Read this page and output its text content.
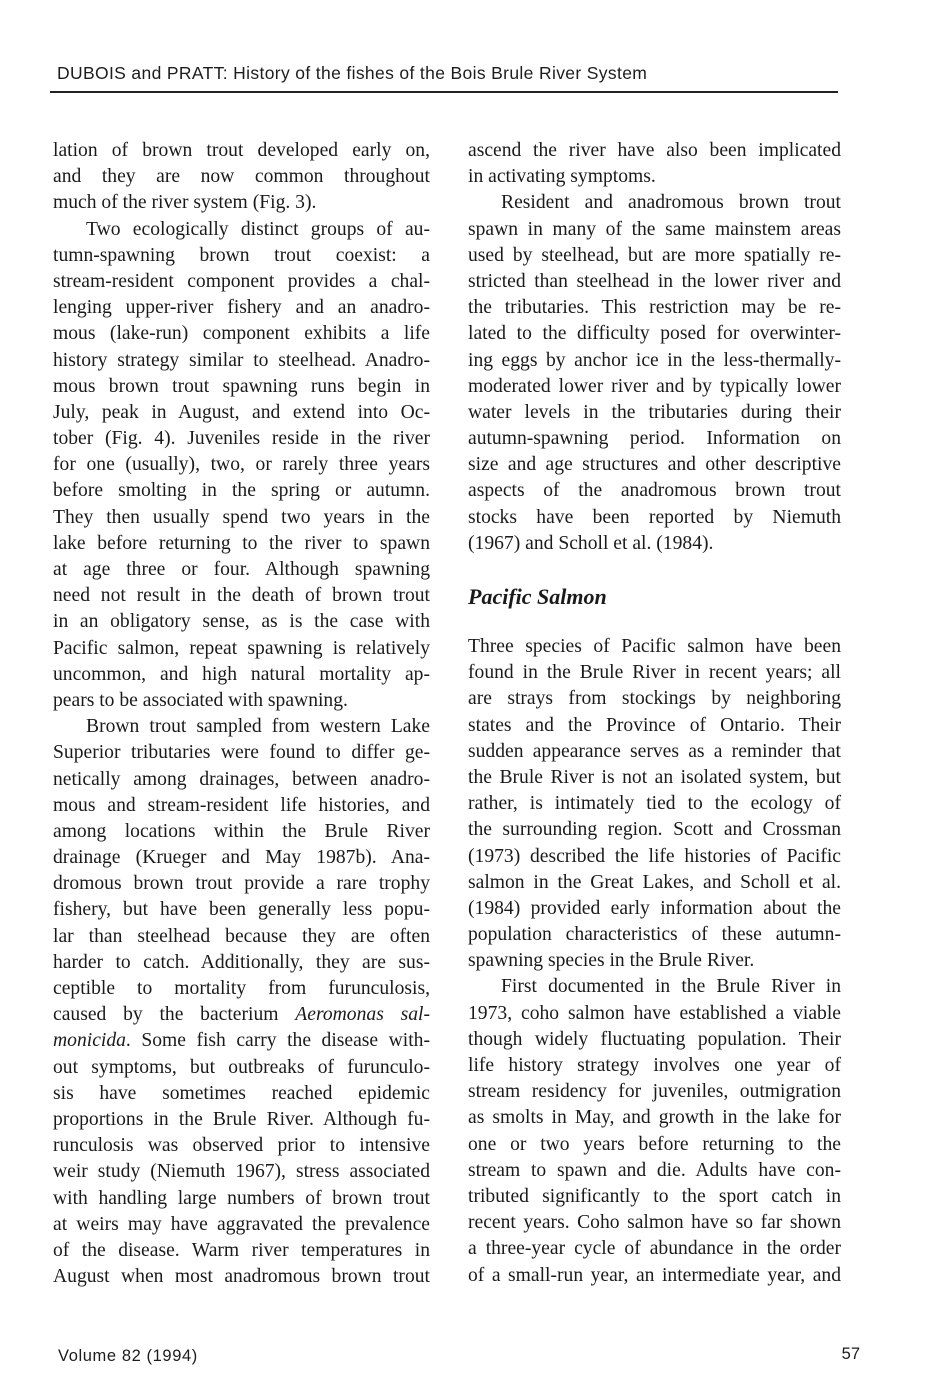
DUBOIS and PRATT: History of the fishes of the Bois Brule River System
lation of brown trout developed early on,
and they are now common throughout
much of the river system (Fig. 3).
Two ecologically distinct groups of au-
tumn-spawning brown trout coexist: a
stream-resident component provides a chal-
lenging upper-river fishery and an anadro-
mous (lake-run) component exhibits a life
history strategy similar to steelhead. Anadro-
mous brown trout spawning runs begin in
July, peak in August, and extend into Oc-
tober (Fig. 4). Juveniles reside in the river
for one (usually), two, or rarely three years
before smolting in the spring or autumn.
They then usually spend two years in the
lake before returning to the river to spawn
at age three or four. Although spawning
need not result in the death of brown trout
in an obligatory sense, as is the case with
Pacific salmon, repeat spawning is relatively
uncommon, and high natural mortality ap-
pears to be associated with spawning.
Brown trout sampled from western Lake
Superior tributaries were found to differ ge-
netically among drainages, between anadro-
mous and stream-resident life histories, and
among locations within the Brule River
drainage (Krueger and May 1987b). Ana-
dromous brown trout provide a rare trophy
fishery, but have been generally less popu-
lar than steelhead because they are often
harder to catch. Additionally, they are sus-
ceptible to mortality from furunculosis,
caused by the bacterium Aeromonas sal-
monicida. Some fish carry the disease with-
out symptoms, but outbreaks of furunculo-
sis have sometimes reached epidemic
proportions in the Brule River. Although fu-
runculosis was observed prior to intensive
weir study (Niemuth 1967), stress associated
with handling large numbers of brown trout
at weirs may have aggravated the prevalence
of the disease. Warm river temperatures in
August when most anadromous brown trout
ascend the river have also been implicated
in activating symptoms.
Resident and anadromous brown trout
spawn in many of the same mainstem areas
used by steelhead, but are more spatially re-
stricted than steelhead in the lower river and
the tributaries. This restriction may be re-
lated to the difficulty posed for overwinter-
ing eggs by anchor ice in the less-thermally-
moderated lower river and by typically lower
water levels in the tributaries during their
autumn-spawning period. Information on
size and age structures and other descriptive
aspects of the anadromous brown trout
stocks have been reported by Niemuth
(1967) and Scholl et al. (1984).
Pacific Salmon
Three species of Pacific salmon have been
found in the Brule River in recent years; all
are strays from stockings by neighboring
states and the Province of Ontario. Their
sudden appearance serves as a reminder that
the Brule River is not an isolated system, but
rather, is intimately tied to the ecology of
the surrounding region. Scott and Crossman
(1973) described the life histories of Pacific
salmon in the Great Lakes, and Scholl et al.
(1984) provided early information about the
population characteristics of these autumn-
spawning species in the Brule River.
First documented in the Brule River in
1973, coho salmon have established a viable
though widely fluctuating population. Their
life history strategy involves one year of
stream residency for juveniles, outmigration
as smolts in May, and growth in the lake for
one or two years before returning to the
stream to spawn and die. Adults have con-
tributed significantly to the sport catch in
recent years. Coho salmon have so far shown
a three-year cycle of abundance in the order
of a small-run year, an intermediate year, and
Volume 82 (1994)	57
